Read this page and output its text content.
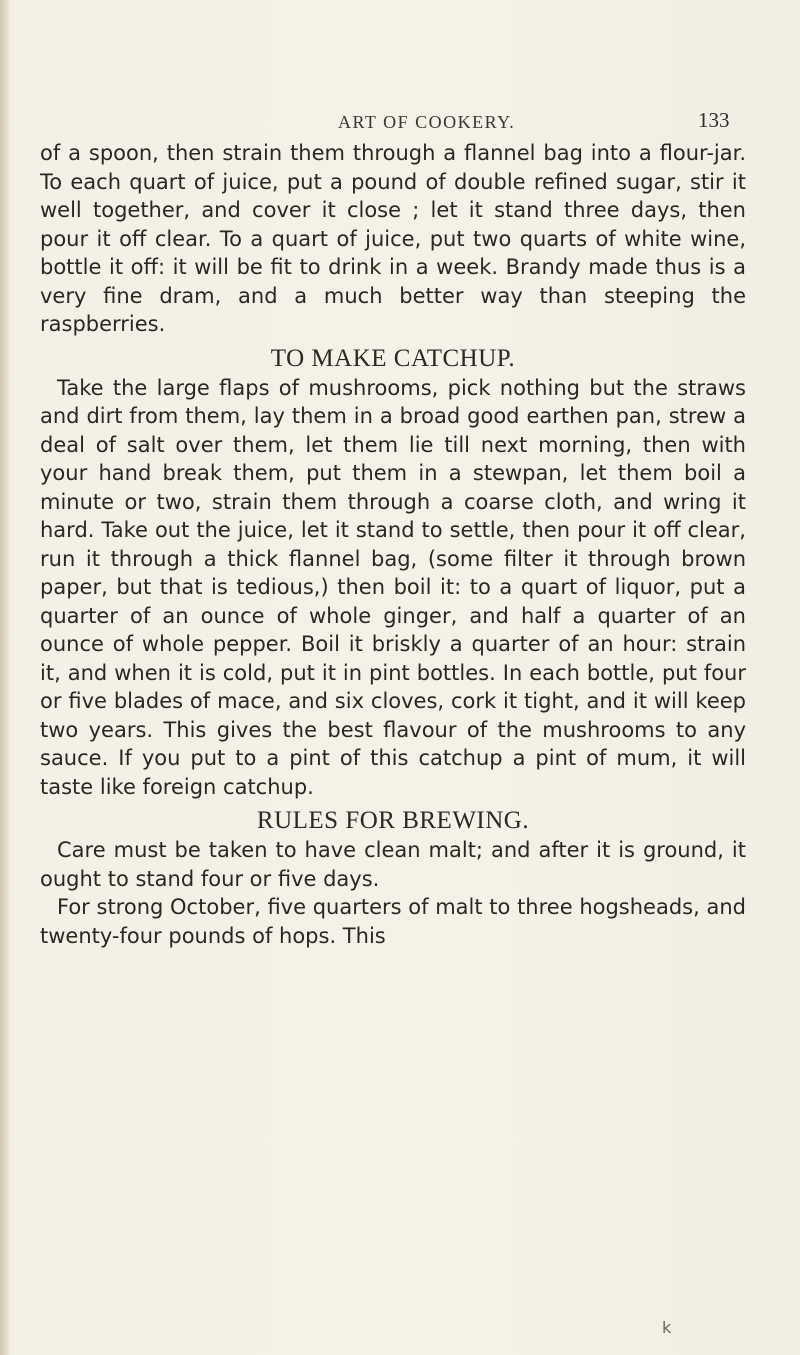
ART OF COOKERY.	133

of a spoon, then strain them through a flannel bag into a flour-jar. To each quart of juice, put a pound of double refined sugar, stir it well together, and cover it close ; let it stand three days, then pour it off clear. To a quart of juice, put two quarts of white wine, bottle it off: it will be fit to drink in a week. Brandy made thus is a very fine dram, and a much better way than steeping the raspberries.

TO MAKE CATCHUP.

Take the large flaps of mushrooms, pick nothing but the straws and dirt from them, lay them in a broad good earthen pan, strew a deal of salt over them, let them lie till next morning, then with your hand break them, put them in a stewpan, let them boil a minute or two, strain them through a coarse cloth, and wring it hard. Take out the juice, let it stand to settle, then pour it off clear, run it through a thick flannel bag, (some filter it through brown paper, but that is tedious,) then boil it: to a quart of liquor, put a quarter of an ounce of whole ginger, and half a quarter of an ounce of whole pepper. Boil it briskly a quarter of an hour: strain it, and when it is cold, put it in pint bottles. In each bottle, put four or five blades of mace, and six cloves, cork it tight, and it will keep two years. This gives the best flavour of the mushrooms to any sauce. If you put to a pint of this catchup a pint of mum, it will taste like foreign catchup.

RULES FOR BREWING.

Care must be taken to have clean malt; and after it is ground, it ought to stand four or five days.

For strong October, five quarters of malt to three hogsheads, and twenty-four pounds of hops. This

k
